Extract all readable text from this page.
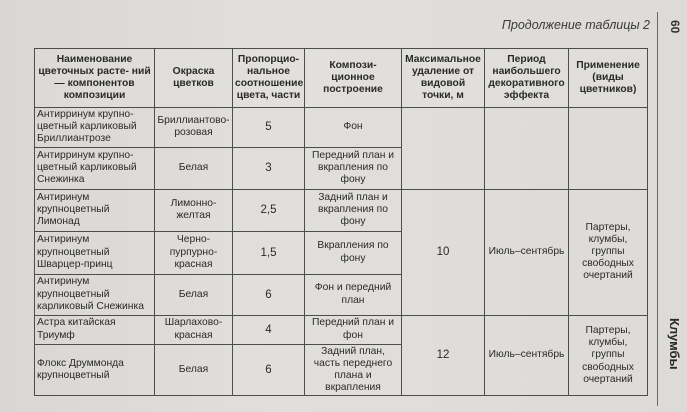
Продолжение таблицы 2	60
Клумбы
Наименование цветочных расте- ний — компонентов композиции	Окраска цветков	Пропорцио- нальное соотношение цвета, части	Компози- ционное построение	Максимальное удаление от видовой точки, м	Период наибольшего декоративного эффекта	Применение (виды цветников)
Антирринум крупно- цветный карликовый Бриллиантрозе	Бриллиантово- розовая	5	Фон			
Антирринум крупно- цветный карликовый Снежинка	Белая	3	Передний план и вкрапления по фону			
Антиринум крупноцветный Лимонад	Лимонно- желтая	2,5	Задний план и вкрапления по фону	10	Июль–сентябрь	Партеры, клумбы, группы свободных очертаний
Антиринум крупноцветный Шварцер-принц	Черно- пурпурно- красная	1,5	Вкрапления по фону			
Антиринум крупноцветный карликовый Снежинка	Белая	6	Фон и передний план			
Астра китайская Триумф	Шарлахово- красная	4	Передний план и фон	12	Июль–сентябрь	Партеры, клумбы, группы свободных очертаний
Флокс Друммонда крупноцветный	Белая	6	Задний план, часть переднего плана и вкрапления			
